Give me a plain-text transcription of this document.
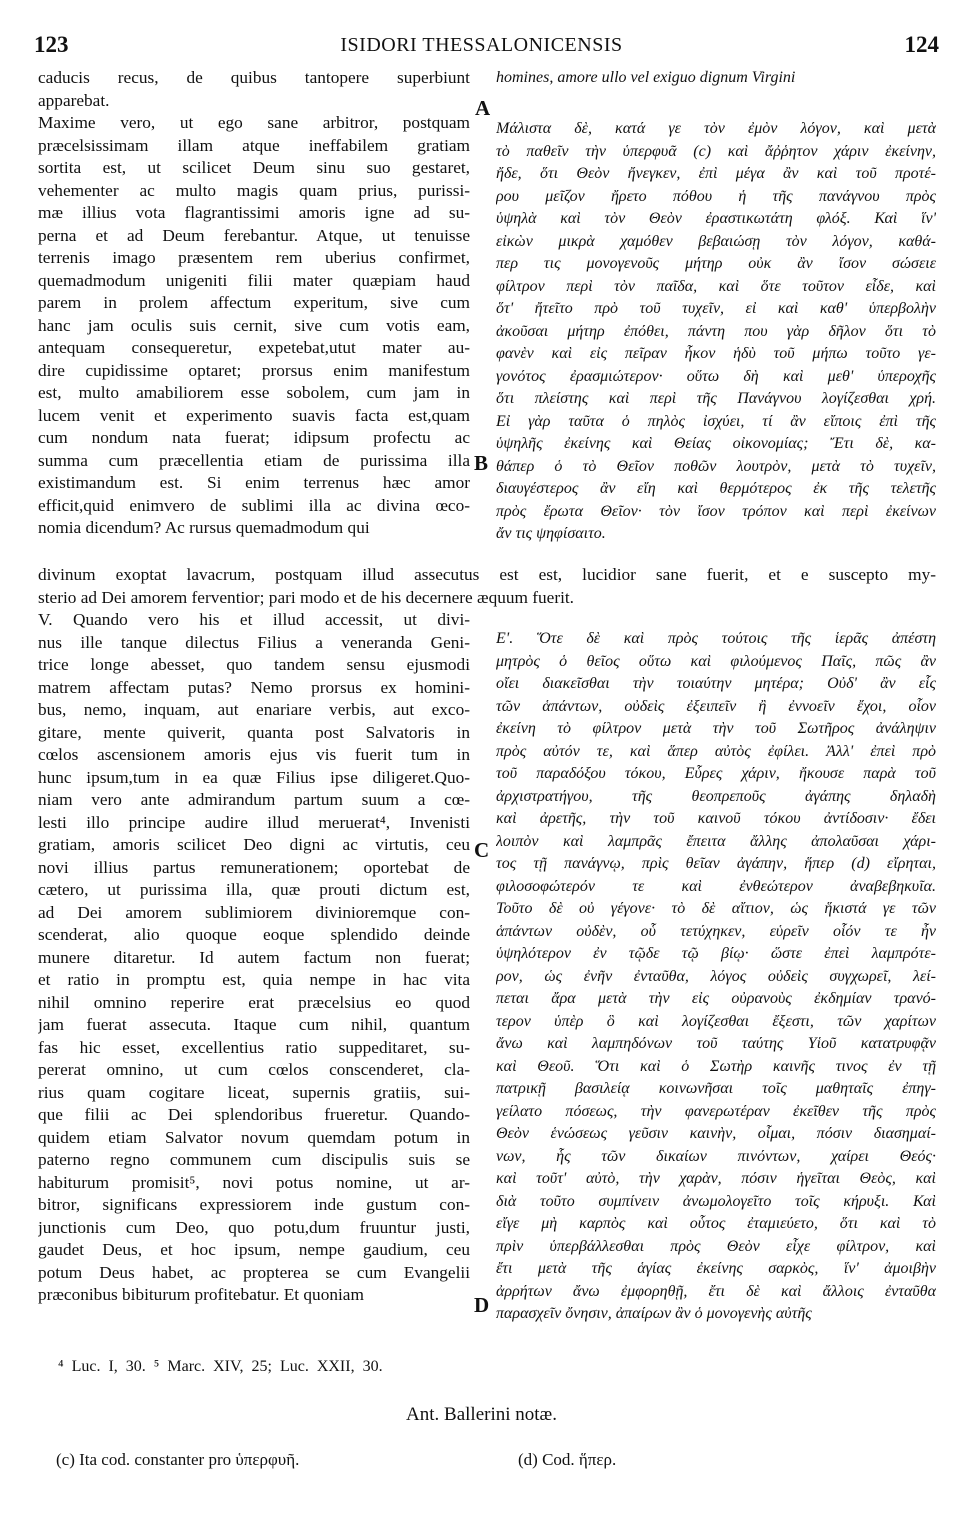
123	ISIDORI THESSALONICENSIS	124
homines, amore ullo vel exiguo dignum Virgini
caducis recus, de quibus tantopere superbiunt
apparebat.
Maxime vero, ut ego sane arbitror, postquam
præcelsissimam illam atque ineffabilem gratiam
sortita est, ut scilicet Deum sinu suo gestaret,
vehementer ac multo magis quam prius, purissi-
mæ illius vota flagrantissimi amoris igne ad su-
perna et ad Deum ferebantur. Atque, ut tenuisse
terrenis imago præsentem rem uberius confirmet,
quemadmodum unigeniti filii mater quæpiam haud
parem in prolem affectum experitum, sive cum
hanc jam oculis suis cernit, sive cum votis eam,
antequam consequeretur, expetebat,utut mater au-
dire cupidissime optaret; prorsus enim manifestum
est, multo amabiliorem esse sobolem, cum jam in
lucem venit et experimento suavis facta est,quam
cum nondum nata fuerat; idipsum profectu ac
summa cum præcellentia etiam de purissima illa
existimandum est. Si enim terrenus hæc amor
efficit,quid enimvero de sublimi illa ac divina œco-
nomia dicendum? Ac rursus quemadmodum qui
Μάλιστα δὲ, κατά γε τὸν ἐμὸν λόγον, καὶ μετὰ
τὸ παθεῖν τὴν ὑπερφυᾶ (c) καὶ ἄῤῥητον χάριν ἐκείνην,
ἤδε, ὅτι Θεὸν ἤνεγκεν, ἐπὶ μέγα ἂν καὶ τοῦ προτέ-
ρου μεῖζον ἤρετο πόθου ἡ τῆς πανάγνου πρὸς
ὑψηλὰ καὶ τὸν Θεὸν ἐραστικωτάτη φλόξ. Καὶ ἵν'
εἰκὼν μικρὰ χαμόθεν βεβαιώσῃ τὸν λόγον, καθά-
περ τις μονογενοῦς μήτηρ οὐκ ἂν ἴσον σώσειε
φίλτρον περὶ τὸν παῖδα, καὶ ὅτε τοῦτον εἶδε, καὶ
ὅτ' ἤτεῖτο πρὸ τοῦ τυχεῖν, εἰ καὶ καθ' ὑπερβολὴν
ἀκοῦσαι μήτηρ ἐπόθει, πάντη που γὰρ δῆλον ὅτι τὸ
φανὲν καὶ εἰς πεῖραν ἧκον ἡδὺ τοῦ μήπω τοῦτο γε-
γονότος ἐρασμιώτερον· οὕτω δὴ καὶ μεθ' ὑπεροχῆς
ὅτι πλείστης καὶ περὶ τῆς Πανάγνου λογίζεσθαι χρή.
Εἰ γὰρ ταῦτα ὁ πηλὸς ἰσχύει, τί ἂν εἴποις ἐπὶ τῆς
ὑψηλῆς ἐκείνης καὶ Θείας οἰκονομίας; Ἔτι δὲ, κα-
θάπερ ὁ τὸ Θεῖον ποθῶν λουτρὸν, μετὰ τὸ τυχεῖν,
διαυγέστερος ἂν εἴη καὶ θερμότερος ἐκ τῆς τελετῆς
πρὸς ἔρωτα Θεῖον· τὸν ἴσον τρόπον καὶ περὶ ἐκείνων
ἄν τις ψηφίσαιτο.
divinum exoptat lavacrum, postquam illud assecutus est est, lucidior sane fuerit, et e suscepto my-
sterio ad Dei amorem ferventior; pari modo et de his decernere æquum fuerit.
V. Quando vero his et illud accessit, ut divi-
nus ille tanque dilectus Filius a veneranda Geni-
trice longe abesset, quo tandem sensu ejusmodi
matrem affectam putas? Nemo prorsus ex homini-
bus, nemo, inquam, aut enariare verbis, aut exco-
gitare, mente quiverit, quanta post Salvatoris in
cœlos ascensionem amoris ejus vis fuerit tum in
hunc ipsum,tum in ea quæ Filius ipse diligeret.Quo-
niam vero ante admirandum partum suum a cœ-
lesti illo principe audire illud meruerat⁴, Invenisti
gratiam, amoris scilicet Deo digni ac virtutis, ceu
novi illius partus remunerationem; oportebat de
cætero, ut purissima illa, quæ prouti dictum est,
ad Dei amorem sublimiorem divinioremque con-
scenderat, alio quoque eoque splendido deinde
munere ditaretur. Id autem factum non fuerat;
et ratio in promptu est, quia nempe in hac vita
nihil omnino reperire erat præcelsius eo quod
jam fuerat assecuta. Itaque cum nihil, quantum
fas hic esset, excellentius ratio suppeditaret, su-
pererat omnino, ut cum cœlos conscenderet, cla-
rius quam cogitare liceat, supernis gratiis, sui-
que filii ac Dei splendoribus frueretur. Quando-
quidem etiam Salvator novum quemdam potum in
paterno regno communem cum discipulis suis se
habiturum promisit⁵, novi potus nomine, ut ar-
bitror, significans expressiorem inde gustum con-
junctionis cum Deo, quo potu,dum fruuntur justi,
gaudet Deus, et hoc ipsum, nempe gaudium, ceu
potum Deus habet, ac propterea se cum Evangelii
præconibus bibiturum profitebatur. Et quoniam
Ε'. Ὅτε δὲ καὶ πρὸς τούτοις τῆς ἱερᾶς ἀπέστη
μητρὸς ὁ θεῖος οὕτω καὶ φιλούμενος Παῖς, πῶς ἂν
οἴει διακεῖσθαι τὴν τοιαύτην μητέρα; Οὐδ' ἂν εἷς
τῶν ἁπάντων, οὐδεὶς ἐξειπεῖν ἢ ἐννοεῖν ἔχοι, οἷον
ἐκείνη τὸ φίλτρον μετὰ τὴν τοῦ Σωτῆρος ἀνάληψιν
πρὸς αὐτόν τε, καὶ ἅπερ αὐτὸς ἐφίλει. Ἀλλ' ἐπεὶ πρὸ
τοῦ παραδόξου τόκου, Εὗρες χάριν, ἤκουσε παρὰ τοῦ
ἀρχιστρατήγου, τῆς θεοπρεποῦς ἀγάπης δηλαδὴ
καὶ ἀρετῆς, τὴν τοῦ καινοῦ τόκου ἀντίδοσιν· ἔδει
λοιπὸν καὶ λαμπρᾶς ἔπειτα ἄλλης ἀπολαῦσαι χάρι-
τος τῇ πανάγνῳ, πρὶς θεῖαν ἀγάπην, ἥπερ (d) εἴρηται,
φιλοσοφώτερόν τε καὶ ἐνθεώτερον ἀναβεβηκυῖα.
Τοῦτο δὲ οὐ γέγονε· τὸ δὲ αἴτιον, ὡς ἥκιστά γε τῶν
ἁπάντων οὐδὲν, οὗ τετύχηκεν, εὑρεῖν οἷόν τε ἦν
ὑψηλότερον ἐν τῷδε τῷ βίῳ· ὥστε ἐπεὶ λαμπρότε-
ρον, ὡς ἐνῆν ἐνταῦθα, λόγος οὐδεὶς συγχωρεῖ, λεί-
πεται ἄρα μετὰ τὴν εἰς οὐρανοὺς ἐκδημίαν τρανό-
τερον ὑπὲρ ὃ καὶ λογίζεσθαι ἔξεστι, τῶν χαρίτων
ἄνω καὶ λαμπηδόνων τοῦ ταύτης Υἱοῦ κατατρυφᾷν
καὶ Θεοῦ. Ὅτι καὶ ὁ Σωτὴρ καινῆς τινος ἐν τῇ
πατρικῇ βασιλείᾳ κοινωνῆσαι τοῖς μαθηταῖς ἐπηγ-
γείλατο πόσεως, τὴν φανερωτέραν ἐκεῖθεν τῆς πρὸς
Θεὸν ἑνώσεως γεῦσιν καινὴν, οἶμαι, πόσιν διασημαί-
νων, ἧς τῶν δικαίων πινόντων, χαίρει Θεός·
καὶ τοῦτ' αὐτὸ, τὴν χαρὰν, πόσιν ἡγεῖται Θεὸς, καὶ
διὰ τοῦτο συμπίνειν ἀνωμολογεῖτο τοῖς κήρυξι. Καὶ
εἴγε μὴ καρπὸς καὶ οὗτος ἐταμιεύετο, ὅτι καὶ τὸ
πρὶν ὑπερβάλλεσθαι πρὸς Θεὸν εἶχε φίλτρον, καὶ
ἔτι μετὰ τῆς ἁγίας ἐκείνης σαρκὸς, ἵν' ἀμοιβὴν
ἀρρήτων ἄνω ἐμφορηθῇ, ἔτι δὲ καὶ ἄλλοις ἐνταῦθα
παρασχεῖν ὄνησιν, ἀπαίρων ἂν ὁ μονογενὴς αὐτῆς
A
B
C
D
⁴ Luc. I, 30. ⁵ Marc. XIV, 25; Luc. XXII, 30.
Ant. Ballerini notæ.
(c) Ita cod. constanter pro ὑπερφυῆ.	(d) Cod. ἥπερ.
